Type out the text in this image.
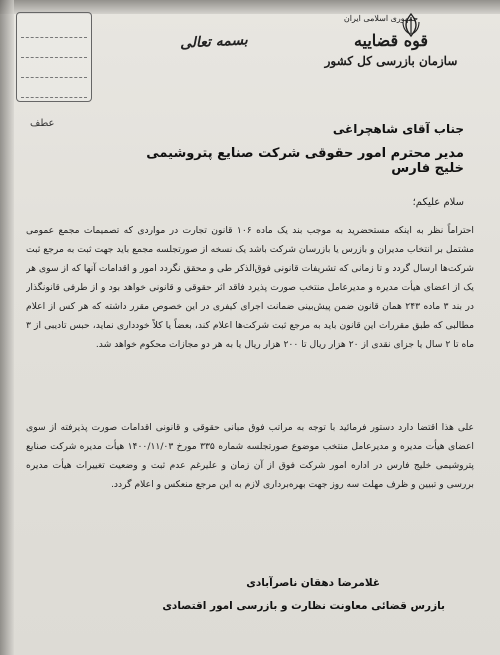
عطف
جمهوری اسلامی ایران
قوه قضاییه
سازمان بازرسی کل کشور
بسمه تعالی
جناب آقای شاهچراغی
مدیر محترم امور حقوقی شرکت صنایع پتروشیمی خلیج فارس
سلام علیکم؛
احتراماً نظر به اینکه مستحضرید به موجب بند یک ماده ۱۰۶ قانون تجارت در مواردی که تصمیمات مجمع عمومی مشتمل بر انتخاب مدیران و بازرس یا بازرسان شرکت باشد یک نسخه از صورتجلسه مجمع باید جهت ثبت به مرجع ثبت شرکت‌ها ارسال گردد و تا زمانی که تشریفات قانونی فوق‌الذکر طی و محقق نگردد امور و اقدامات آنها که از سوی هر یک از اعضای هیأت مدیره و مدیرعامل منتخب صورت پذیرد فاقد اثر حقوقی و قانونی خواهد بود و از طرفی قانونگذار در بند ۳ ماده ۲۴۳ همان قانون ضمن پیش‌بینی ضمانت اجرای کیفری در این خصوص مقرر داشته که هر کس از اعلام مطالبی که طبق مقررات این قانون باید به مرجع ثبت شرکت‌ها اعلام کند، بعضاً یا کلاً خودداری نماید، حبس تادیبی از ۳ ماه تا ۲ سال یا جزای نقدی از ۲۰ هزار ریال تا ۲۰۰ هزار ریال یا به هر دو مجازات محکوم خواهد شد.
علی هذا اقتضا دارد دستور فرمائید با توجه به مراتب فوق مبانی حقوقی و قانونی اقدامات صورت پذیرفته از سوی اعضای هیأت مدیره و مدیرعامل منتخب موضوع صورتجلسه شماره ۳۳۵ مورخ ۱۴۰۰/۱۱/۰۳ هیأت مدیره شرکت صنایع پتروشیمی خلیج فارس در اداره امور شرکت فوق از آن زمان و علیرغم عدم ثبت و وضعیت تغییرات هیأت مدیره بررسی و تبیین و ظرف مهلت سه روز جهت بهره‌برداری لازم به این مرجع منعکس و اعلام گردد.
غلامرضا دهقان ناصرآبادی
بازرس قضائی معاونت نظارت و بازرسی امور اقتصادی
